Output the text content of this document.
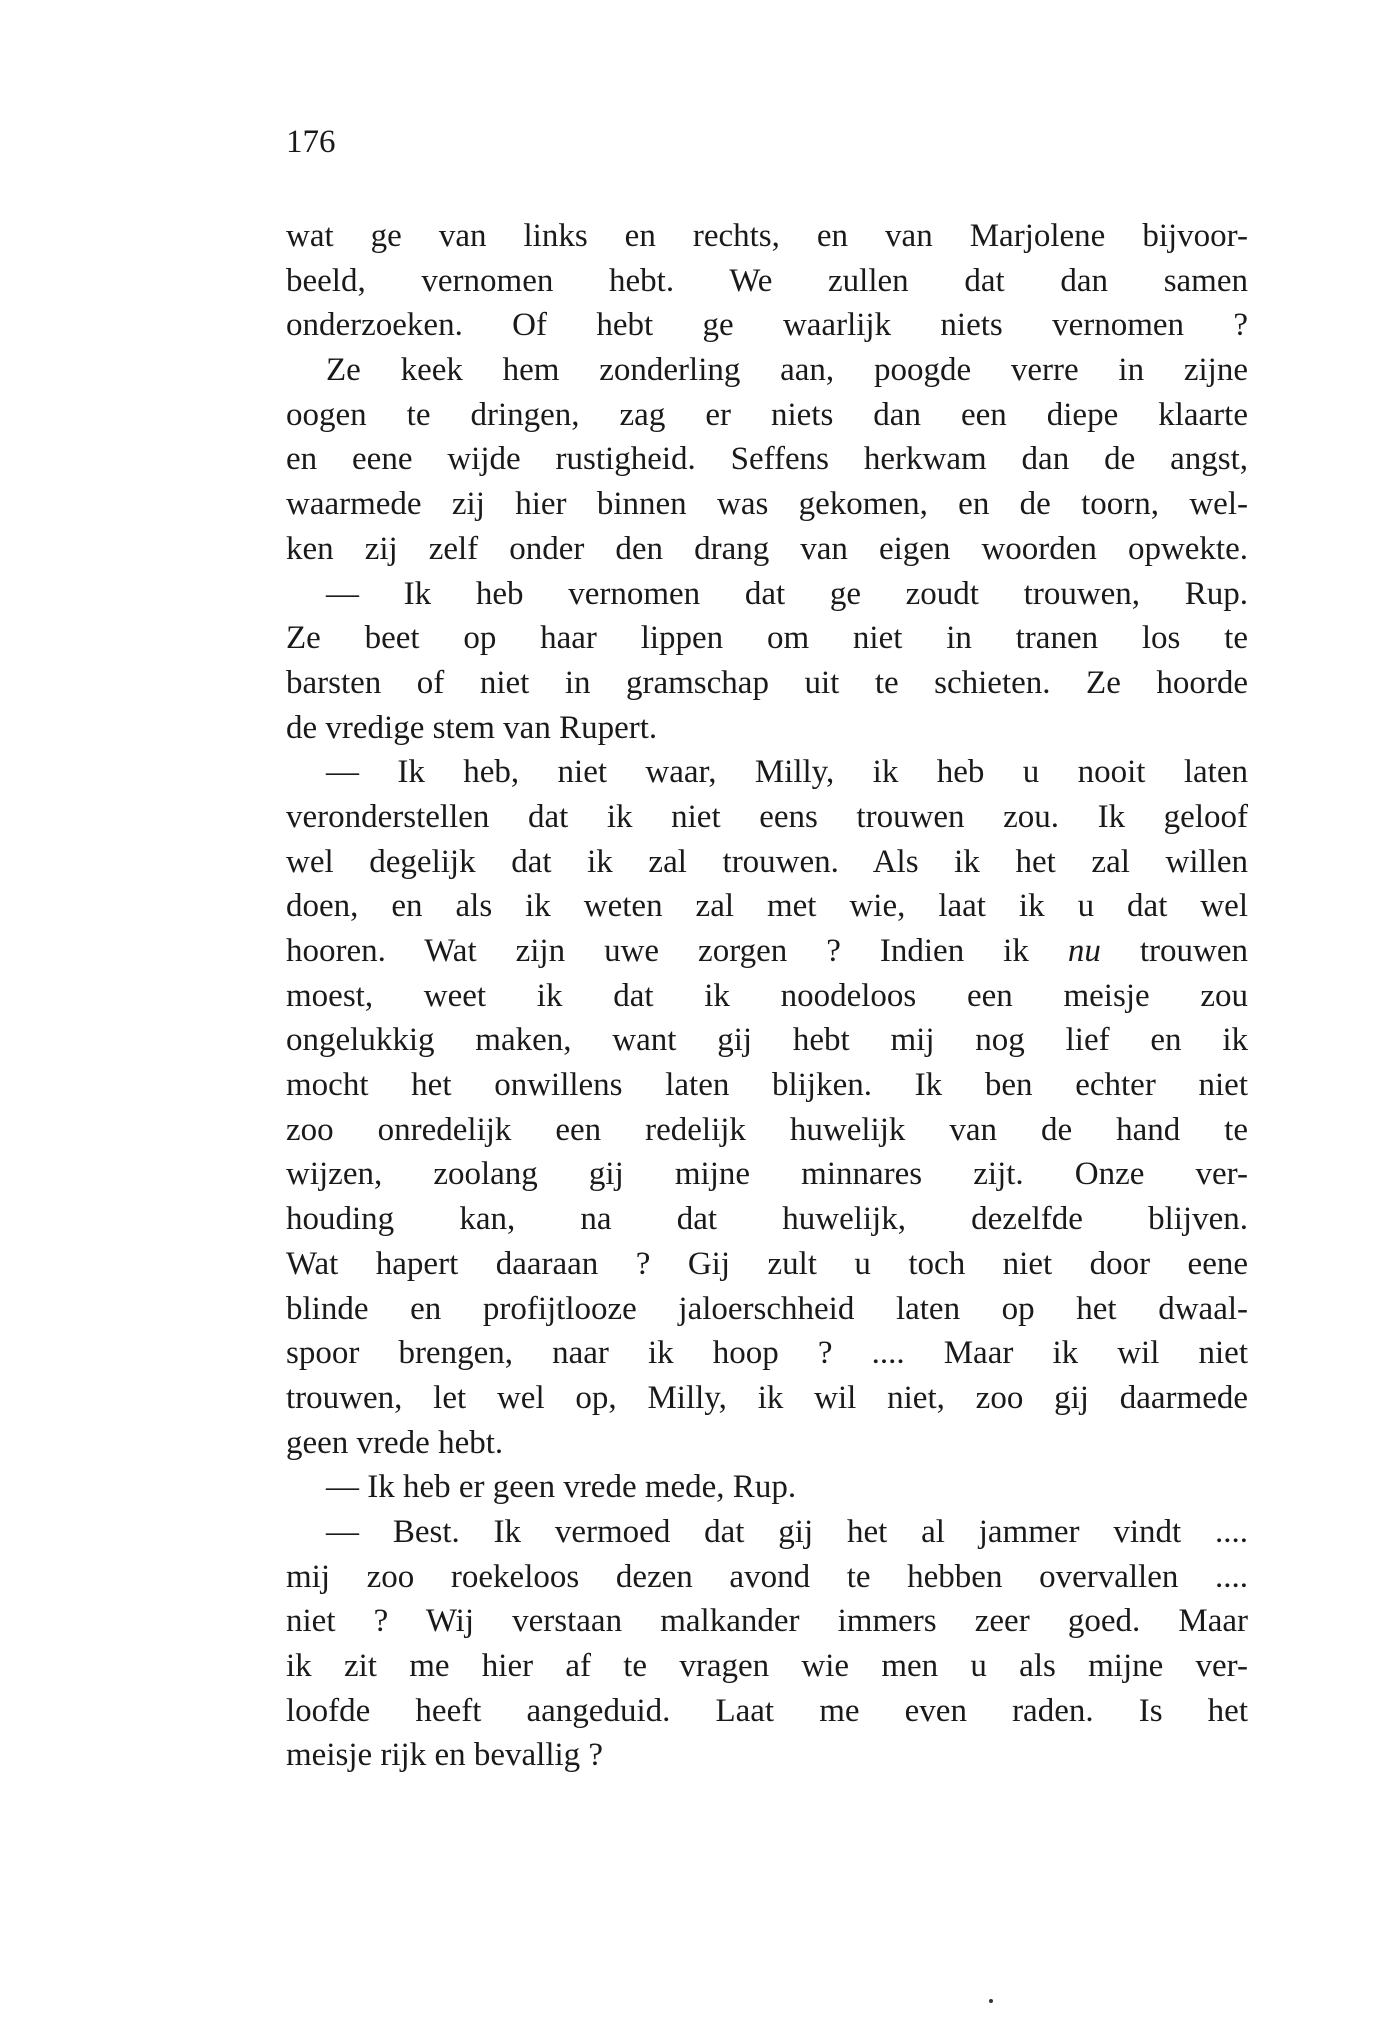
176
wat ge van links en rechts, en van Marjolene bijvoor-
beeld, vernomen hebt. We zullen dat dan samen
onderzoeken. Of hebt ge waarlijk niets vernomen ?
Ze keek hem zonderling aan, poogde verre in zijne
oogen te dringen, zag er niets dan een diepe klaarte
en eene wijde rustigheid. Seffens herkwam dan de angst,
waarmede zij hier binnen was gekomen, en de toorn, wel-
ken zij zelf onder den drang van eigen woorden opwekte.
— Ik heb vernomen dat ge zoudt trouwen, Rup.
Ze beet op haar lippen om niet in tranen los te
barsten of niet in gramschap uit te schieten. Ze hoorde
de vredige stem van Rupert.
— Ik heb, niet waar, Milly, ik heb u nooit laten
veronderstellen dat ik niet eens trouwen zou. Ik geloof
wel degelijk dat ik zal trouwen. Als ik het zal willen
doen, en als ik weten zal met wie, laat ik u dat wel
hooren. Wat zijn uwe zorgen ? Indien ik nu trouwen
moest, weet ik dat ik noodeloos een meisje zou
ongelukkig maken, want gij hebt mij nog lief en ik
mocht het onwillens laten blijken. Ik ben echter niet
zoo onredelijk een redelijk huwelijk van de hand te
wijzen, zoolang gij mijne minnares zijt. Onze ver-
houding kan, na dat huwelijk, dezelfde blijven.
Wat hapert daaraan ? Gij zult u toch niet door eene
blinde en profijtlooze jaloerschheid laten op het dwaal-
spoor brengen, naar ik hoop ? .... Maar ik wil niet
trouwen, let wel op, Milly, ik wil niet, zoo gij daarmede
geen vrede hebt.
— Ik heb er geen vrede mede, Rup.
— Best. Ik vermoed dat gij het al jammer vindt ....
mij zoo roekeloos dezen avond te hebben overvallen ....
niet ? Wij verstaan malkander immers zeer goed. Maar
ik zit me hier af te vragen wie men u als mijne ver-
loofde heeft aangeduid. Laat me even raden. Is het
meisje rijk en bevallig ?
